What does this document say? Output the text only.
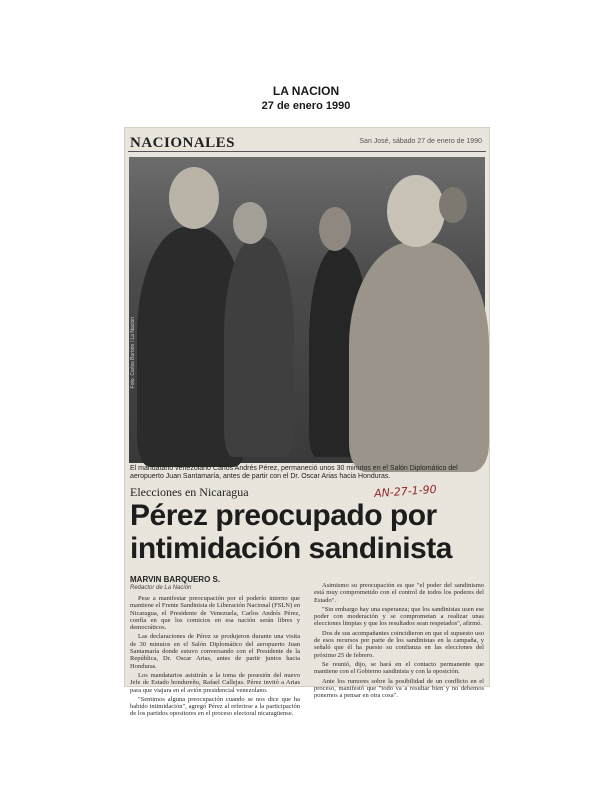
LA NACION
27 de enero 1990
NACIONALES	San José, sábado 27 de enero de 1990
Foto: Carlos Borbón / La Nación
El mandatario venezolano Carlos Andrés Pérez, permaneció unos 30 minutos en el Salón Diplomático del aeropuerto Juan Santamaría, antes de partir con el Dr. Oscar Arias hacia Honduras.
Elecciones en Nicaragua	AN-27-1-90
Pérez preocupado por intimidación sandinista
MARVIN BARQUERO S.
Redactor de La Nación

Pese a manifestar preocupación por el poderío interno que mantiene el Frente Sandinista de Liberación Nacional (FSLN) en Nicaragua, el Presidente de Venezuela, Carlos Andrés Pérez, confía en que los comicios en esa nación serán libres y democráticos.

Las declaraciones de Pérez se produjeron durante una visita de 30 minutos en el Salón Diplomático del aeropuerto Juan Santamaría donde estuvo conversando con el Presidente de la República, Dr. Oscar Arias, antes de partir juntos hacia Honduras.

Los mandatarios asistirán a la toma de posesión del nuevo Jefe de Estado hondureño, Rafael Callejas. Pérez invitó a Arias para que viajara en el avión presidencial venezolano.

"Sentimos alguna preocupación cuando se nos dice que ha habido intimidación", agregó Pérez al referirse a la participación de los partidos opositores en el proceso electoral nicaragüense.

Asimismo su preocupación es que "el poder del sandinismo está muy comprometido con el control de todos los poderes del Estado".

"Sin embargo hay una esperanza; que los sandinistas usen ese poder con moderación y se comprometan a realizar unas elecciones limpias y que los resultados sean respetados", afirmó.

Dos de sus acompañantes coincidieron en que el supuesto uso de esos recursos por parte de los sandinistas en la campaña, y señaló que él ha puesto su confianza en las elecciones del próximo 25 de febrero.

Se reunió, dijo, se hará en el contacto permanente que mantiene con el Gobierno sandinista y con la oposición.

Ante los rumores sobre la posibilidad de un conflicto en el proceso, manifestó que "todo va a resultar bien y no debemos ponernos a pensar en otra cosa".
